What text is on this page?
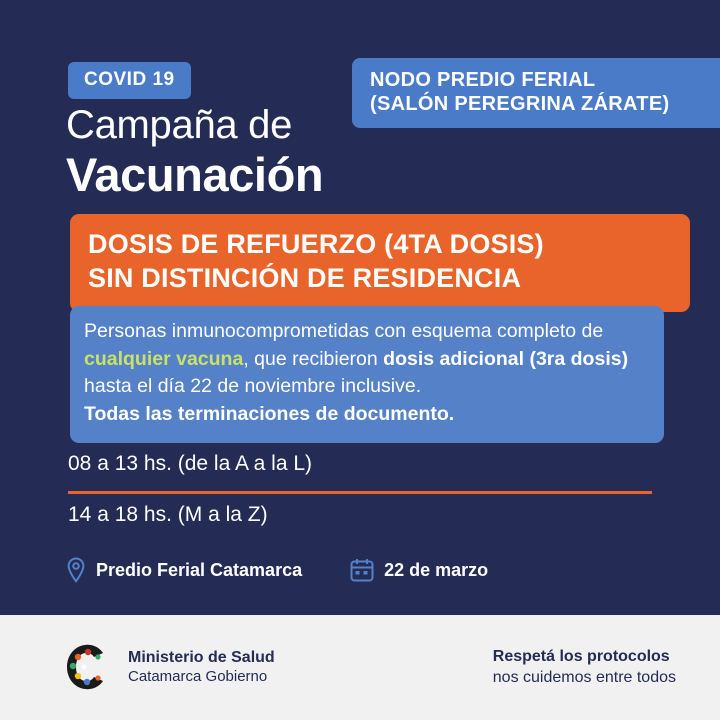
COVID 19	NODO PREDIO FERIAL
(SALÓN PEREGRINA ZÁRATE)
Campaña de
Vacunación
DOSIS DE REFUERZO (4TA DOSIS)
SIN DISTINCIÓN DE RESIDENCIA
Personas inmunocomprometidas con esquema completo de cualquier vacuna, que recibieron dosis adicional (3ra dosis) hasta el día 22 de noviembre inclusive.
Todas las terminaciones de documento.
08 a 13 hs. (de la A a la L)
14 a 18 hs. (M a la Z)
Predio Ferial Catamarca	22 de marzo
Ministerio de Salud
Catamarca Gobierno
Respetá los protocolos
nos cuidemos entre todos
